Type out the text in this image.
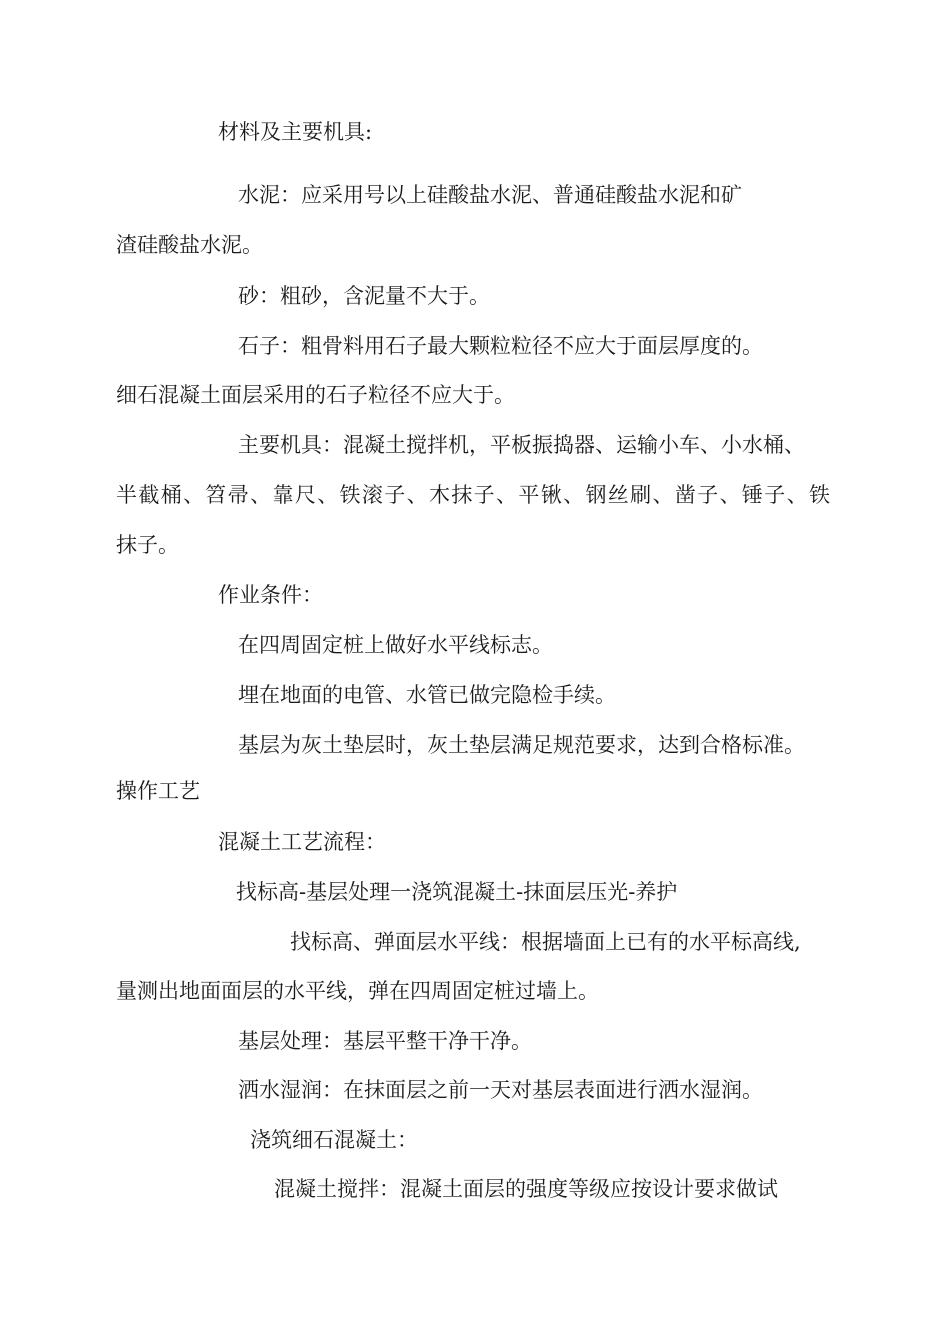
材料及主要机具:
水泥：应采用号以上硅酸盐水泥、普通硅酸盐水泥和矿
渣硅酸盐水泥。
砂：粗砂，含泥量不大于。
石子：粗骨料用石子最大颗粒粒径不应大于面层厚度的。
细石混凝土面层采用的石子粒径不应大于。
主要机具：混凝土搅拌机，平板振捣器、运输小车、小水桶、
半截桶、笤帚、靠尺、铁滚子、木抹子、平锹、钢丝刷、凿子、锤子、铁
抹子。
作业条件：
在四周固定桩上做好水平线标志。
埋在地面的电管、水管已做完隐检手续。
基层为灰土垫层时，灰土垫层满足规范要求，达到合格标准。
操作工艺
混凝土工艺流程：
找标高-基层处理一浇筑混凝土-抹面层压光-养护
找标高、弹面层水平线：根据墙面上已有的水平标高线,
量测出地面面层的水平线，弹在四周固定桩过墙上。
基层处理：基层平整干净干净。
洒水湿润：在抹面层之前一天对基层表面进行洒水湿润。
浇筑细石混凝土：
混凝土搅拌：混凝土面层的强度等级应按设计要求做试
